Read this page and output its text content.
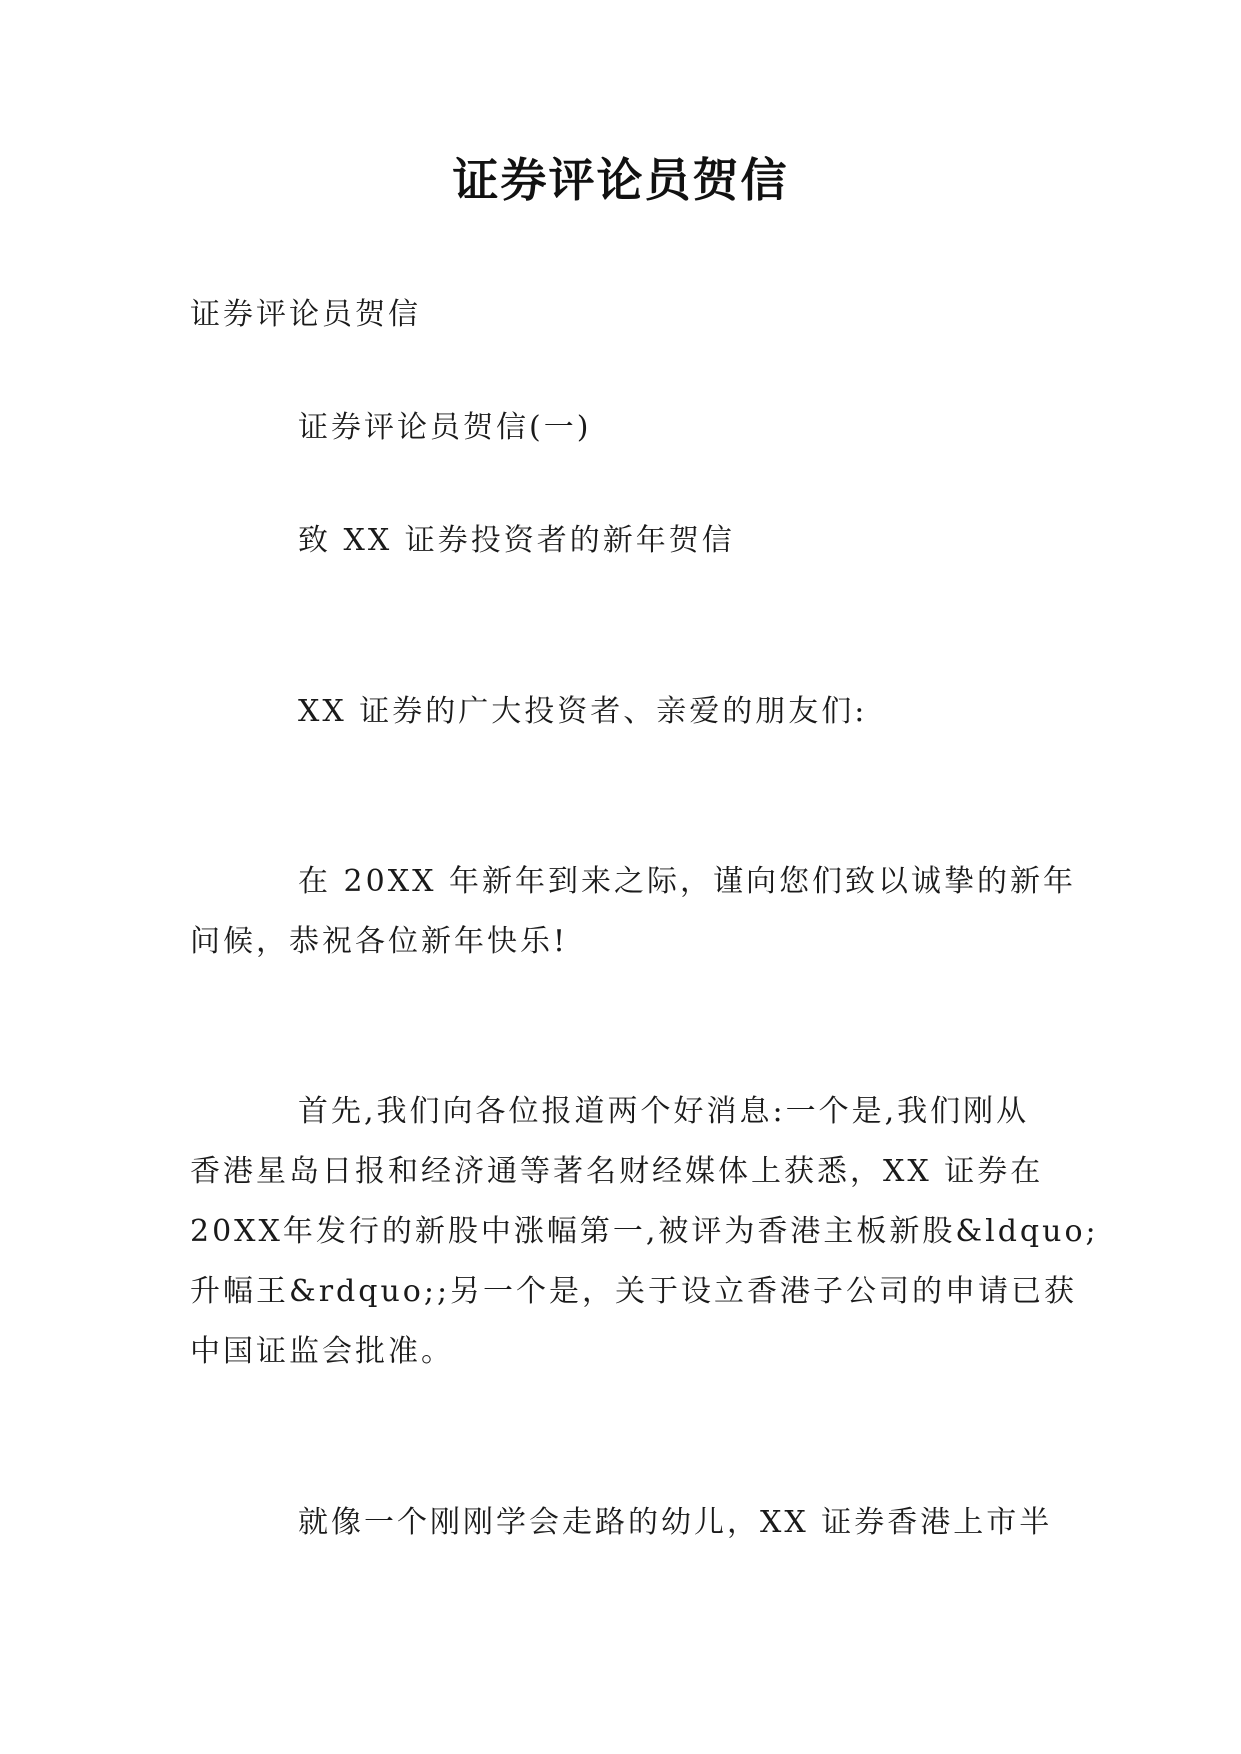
证券评论员贺信

证券评论员贺信

证券评论员贺信(一)

致 XX 证券投资者的新年贺信

XX 证券的广大投资者、亲爱的朋友们:

在 20XX 年新年到来之际，谨向您们致以诚挚的新年
问候，恭祝各位新年快乐!
首先,我们向各位报道两个好消息:一个是,我们刚从
香港星岛日报和经济通等著名财经媒体上获悉，XX 证券在
20XX年发行的新股中涨幅第一,被评为香港主板新股&ldquo;
升幅王&rdquo;;另一个是，关于设立香港子公司的申请已获
中国证监会批准。
就像一个刚刚学会走路的幼儿，XX 证券香港上市半
